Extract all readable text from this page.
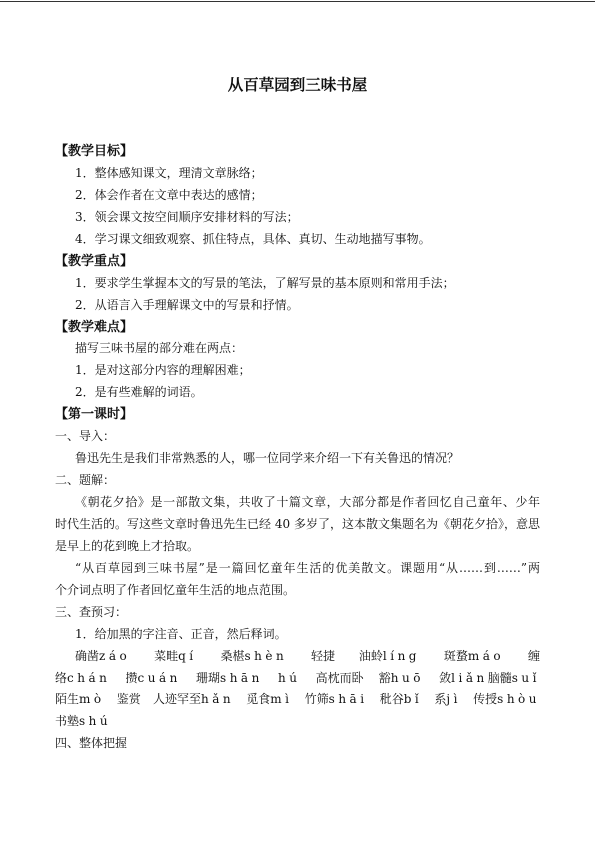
从百草园到三味书屋
【教学目标】
1．整体感知课文，理清文章脉络；
2．体会作者在文章中表达的感情；
3．领会课文按空间顺序安排材料的写法；
4．学习课文细致观察、抓住特点，具体、真切、生动地描写事物。
【教学重点】
1．要求学生掌握本文的写景的笔法，了解写景的基本原则和常用手法；
2．从语言入手理解课文中的写景和抒情。
【教学难点】
描写三味书屋的部分难在两点：
1．是对这部分内容的理解困难；
2．是有些难解的词语。
【第一课时】
一、导入：
鲁迅先生是我们非常熟悉的人，哪一位同学来介绍一下有关鲁迅的情况？
二、题解：
《朝花夕拾》是一部散文集，共收了十篇文章，大部分都是作者回忆自己童年、少年
时代生活的。写这些文章时鲁迅先生已经 40 多岁了，这本散文集题名为《朝花夕拾》，意思
是早上的花到晚上才拾取。
“从百草园到三味书屋”是一篇回忆童年生活的优美散文。课题用“从……到……”两
个介词点明了作者回忆童年生活的地点范围。
三、查预习：
1．给加黑的字注音、正音，然后释词。
确凿záo 菜畦qí 桑椹shèn 轻捷 油蛉líng 斑蝥máo 缠
络chán 攒cuán 珊瑚shān hú 高枕而卧 豁huō 敛liǎn脑髓suǐ
陌生mò 鉴赏 人迹罕至hǎn 觅食mì 竹筛shāi 秕谷bǐ 系jì 传授shòu
书塾shú
四、整体把握
